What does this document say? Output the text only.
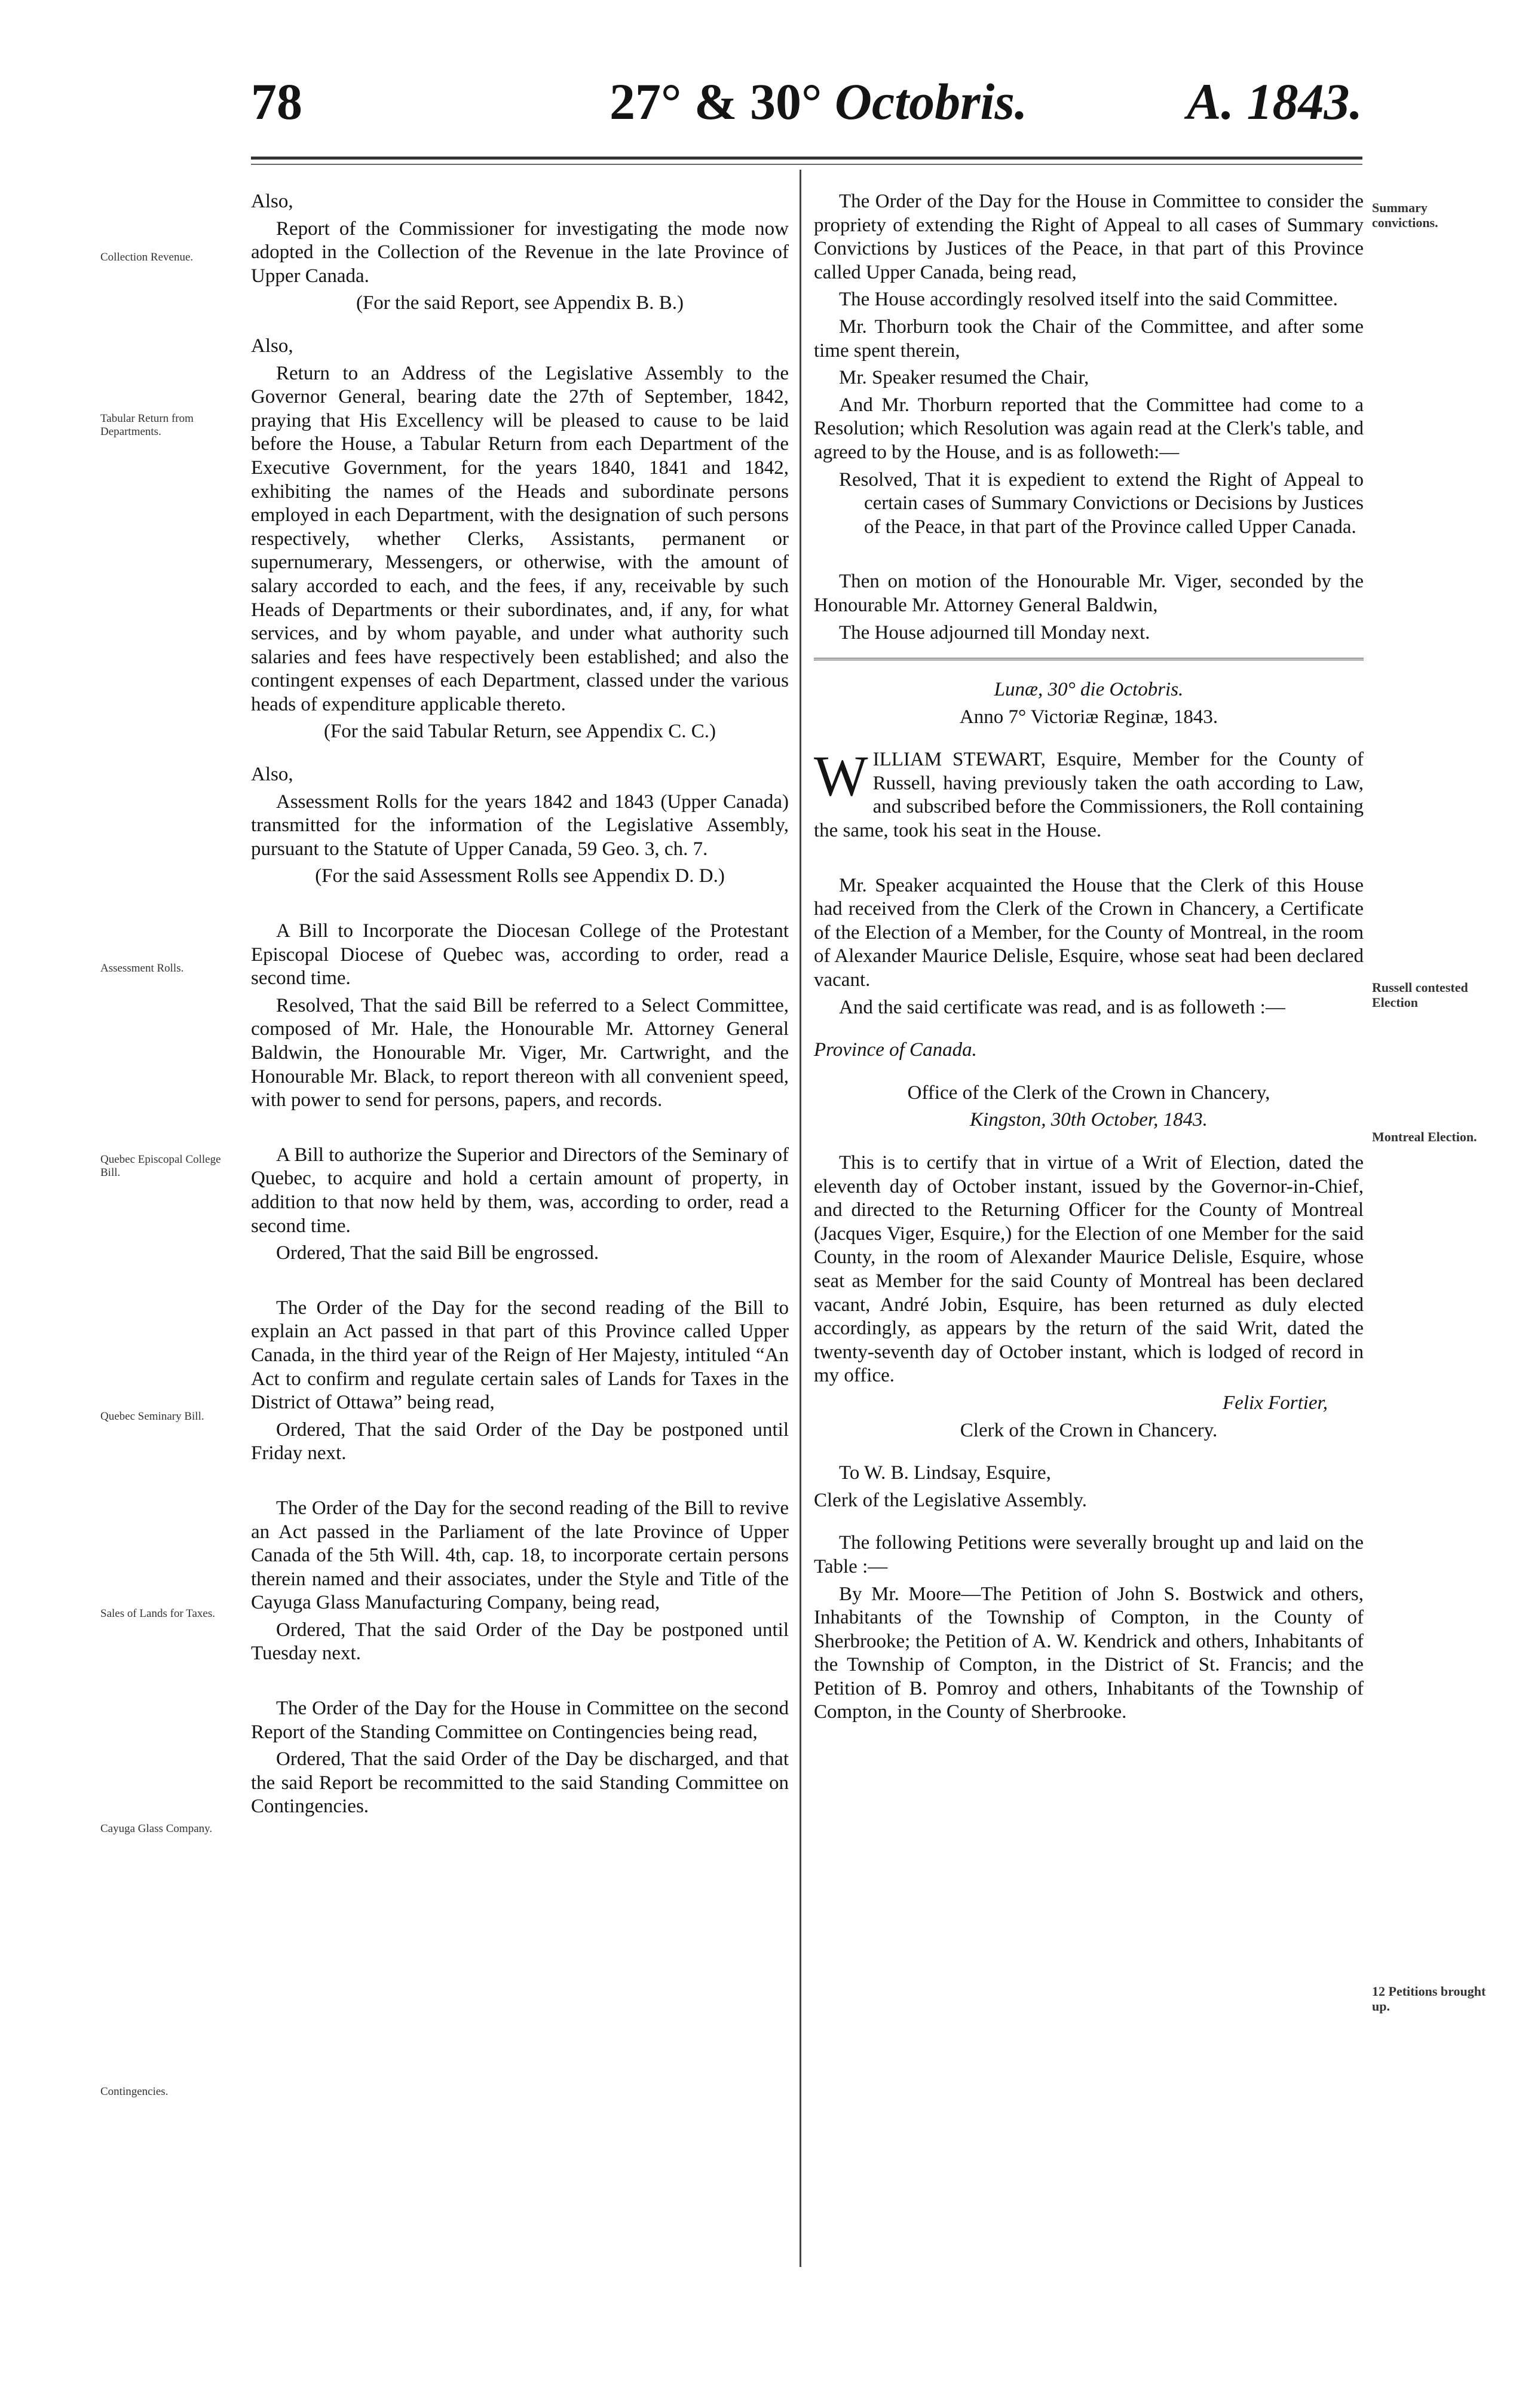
78	27° & 30° Octobris.	A. 1843.
Collection Revenue.
Tabular Return from Departments.
Assessment Rolls.
Quebec Episcopal College Bill.
Quebec Seminary Bill.
Sales of Lands for Taxes.
Cayuga Glass Company.
Contingencies.
Summary convictions.
Russell contested Election
Montreal Election.
12 Petitions brought up.

Also,

Report of the Commissioner for investigating the mode now adopted in the Collection of the Revenue in the late Province of Upper Canada.

(For the said Report, see Appendix B. B.)

Also,

Return to an Address of the Legislative Assembly to the Governor General, bearing date the 27th of September, 1842, praying that His Excellency will be pleased to cause to be laid before the House, a Tabular Return from each Department of the Executive Government, for the years 1840, 1841 and 1842, exhibiting the names of the Heads and subordinate persons employed in each Department, with the designation of such persons respectively, whether Clerks, Assistants, permanent or supernumerary, Messengers, or otherwise, with the amount of salary accorded to each, and the fees, if any, receivable by such Heads of Departments or their subordinates, and, if any, for what services, and by whom payable, and under what authority such salaries and fees have respectively been established; and also the contingent expenses of each Department, classed under the various heads of expenditure applicable thereto.

(For the said Tabular Return, see Appendix C. C.)

Also,

Assessment Rolls for the years 1842 and 1843 (Upper Canada) transmitted for the information of the Legislative Assembly, pursuant to the Statute of Upper Canada, 59 Geo. 3, ch. 7.

(For the said Assessment Rolls see Appendix D. D.)

A Bill to Incorporate the Diocesan College of the Protestant Episcopal Diocese of Quebec was, according to order, read a second time.

Resolved, That the said Bill be referred to a Select Committee, composed of Mr. Hale, the Honourable Mr. Attorney General Baldwin, the Honourable Mr. Viger, Mr. Cartwright, and the Honourable Mr. Black, to report thereon with all convenient speed, with power to send for persons, papers, and records.

A Bill to authorize the Superior and Directors of the Seminary of Quebec, to acquire and hold a certain amount of property, in addition to that now held by them, was, according to order, read a second time.

Ordered, That the said Bill be engrossed.

The Order of the Day for the second reading of the Bill to explain an Act passed in that part of this Province called Upper Canada, in the third year of the Reign of Her Majesty, intituled “An Act to confirm and regulate certain sales of Lands for Taxes in the District of Ottawa” being read,

Ordered, That the said Order of the Day be postponed until Friday next.

The Order of the Day for the second reading of the Bill to revive an Act passed in the Parliament of the late Province of Upper Canada of the 5th Will. 4th, cap. 18, to incorporate certain persons therein named and their associates, under the Style and Title of the Cayuga Glass Manufacturing Company, being read,

Ordered, That the said Order of the Day be postponed until Tuesday next.

The Order of the Day for the House in Committee on the second Report of the Standing Committee on Contingencies being read,

Ordered, That the said Order of the Day be discharged, and that the said Report be recommitted to the said Standing Committee on Contingencies.

The Order of the Day for the House in Committee to consider the propriety of extending the Right of Appeal to all cases of Summary Convictions by Justices of the Peace, in that part of this Province called Upper Canada, being read,

The House accordingly resolved itself into the said Committee.

Mr. Thorburn took the Chair of the Committee, and after some time spent therein,

Mr. Speaker resumed the Chair,

And Mr. Thorburn reported that the Committee had come to a Resolution; which Resolution was again read at the Clerk's table, and agreed to by the House, and is as followeth:—

Resolved, That it is expedient to extend the Right of Appeal to certain cases of Summary Convictions or Decisions by Justices of the Peace, in that part of the Province called Upper Canada.

Then on motion of the Honourable Mr. Viger, seconded by the Honourable Mr. Attorney General Baldwin,

The House adjourned till Monday next.

Lunæ, 30° die Octobris.

Anno 7° Victoriæ Reginæ, 1843.

WILLIAM STEWART, Esquire, Member for the County of Russell, having previously taken the oath according to Law, and subscribed before the Commissioners, the Roll containing the same, took his seat in the House.

Mr. Speaker acquainted the House that the Clerk of this House had received from the Clerk of the Crown in Chancery, a Certificate of the Election of a Member, for the County of Montreal, in the room of Alexander Maurice Delisle, Esquire, whose seat had been declared vacant.

And the said certificate was read, and is as followeth :—

Province of Canada.

Office of the Clerk of the Crown in Chancery,

Kingston, 30th October, 1843.

This is to certify that in virtue of a Writ of Election, dated the eleventh day of October instant, issued by the Governor-in-Chief, and directed to the Returning Officer for the County of Montreal (Jacques Viger, Esquire,) for the Election of one Member for the said County, in the room of Alexander Maurice Delisle, Esquire, whose seat as Member for the said County of Montreal has been declared vacant, André Jobin, Esquire, has been returned as duly elected accordingly, as appears by the return of the said Writ, dated the twenty-seventh day of October instant, which is lodged of record in my office.

Felix Fortier,

Clerk of the Crown in Chancery.

To W. B. Lindsay, Esquire,

Clerk of the Legislative Assembly.

The following Petitions were severally brought up and laid on the Table :—

By Mr. Moore—The Petition of John S. Bostwick and others, Inhabitants of the Township of Compton, in the County of Sherbrooke; the Petition of A. W. Kendrick and others, Inhabitants of the Township of Compton, in the District of St. Francis; and the Petition of B. Pomroy and others, Inhabitants of the Township of Compton, in the County of Sherbrooke.
